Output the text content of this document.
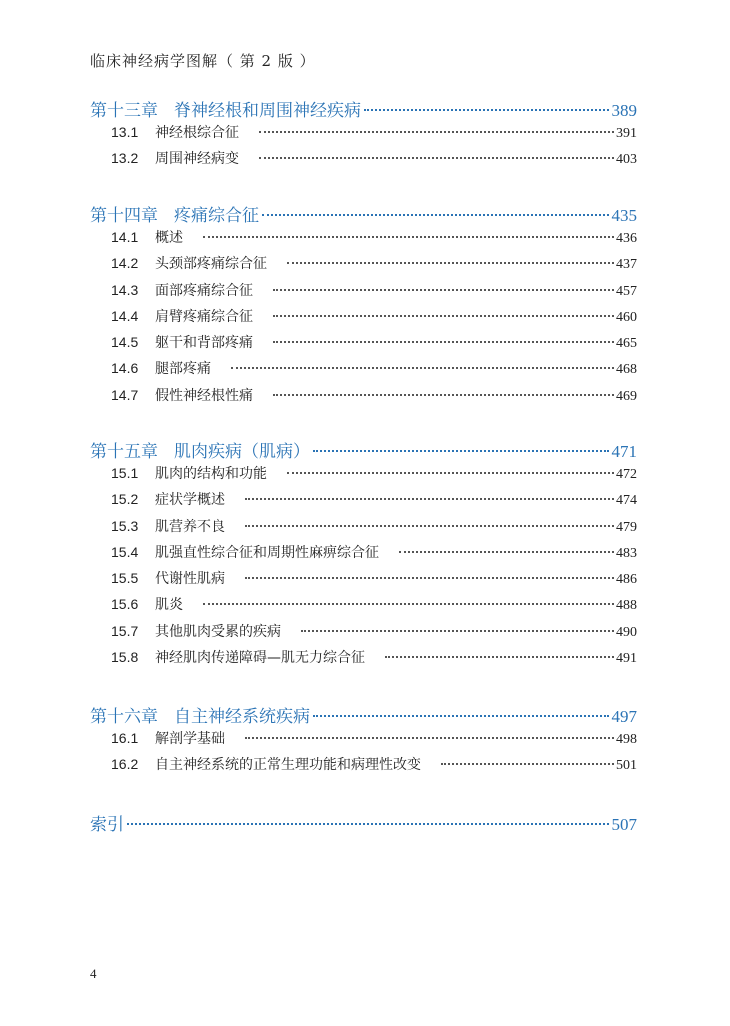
临床神经病学图解（ 第 2 版 ）
第十三章 脊神经根和周围神经疾病	389
13.1	神经根综合征	391
13.2	周围神经病变	403
第十四章 疼痛综合征	435
14.1	概述	436
14.2	头颈部疼痛综合征	437
14.3	面部疼痛综合征	457
14.4	肩臂疼痛综合征	460
14.5	躯干和背部疼痛	465
14.6	腿部疼痛	468
14.7	假性神经根性痛	469
第十五章 肌肉疾病（肌病）	471
15.1	肌肉的结构和功能	472
15.2	症状学概述	474
15.3	肌营养不良	479
15.4	肌强直性综合征和周期性麻痹综合征	483
15.5	代谢性肌病	486
15.6	肌炎	488
15.7	其他肌肉受累的疾病	490
15.8	神经肌肉传递障碍—肌无力综合征	491
第十六章 自主神经系统疾病	497
16.1	解剖学基础	498
16.2	自主神经系统的正常生理功能和病理性改变	501
索引	507
4
